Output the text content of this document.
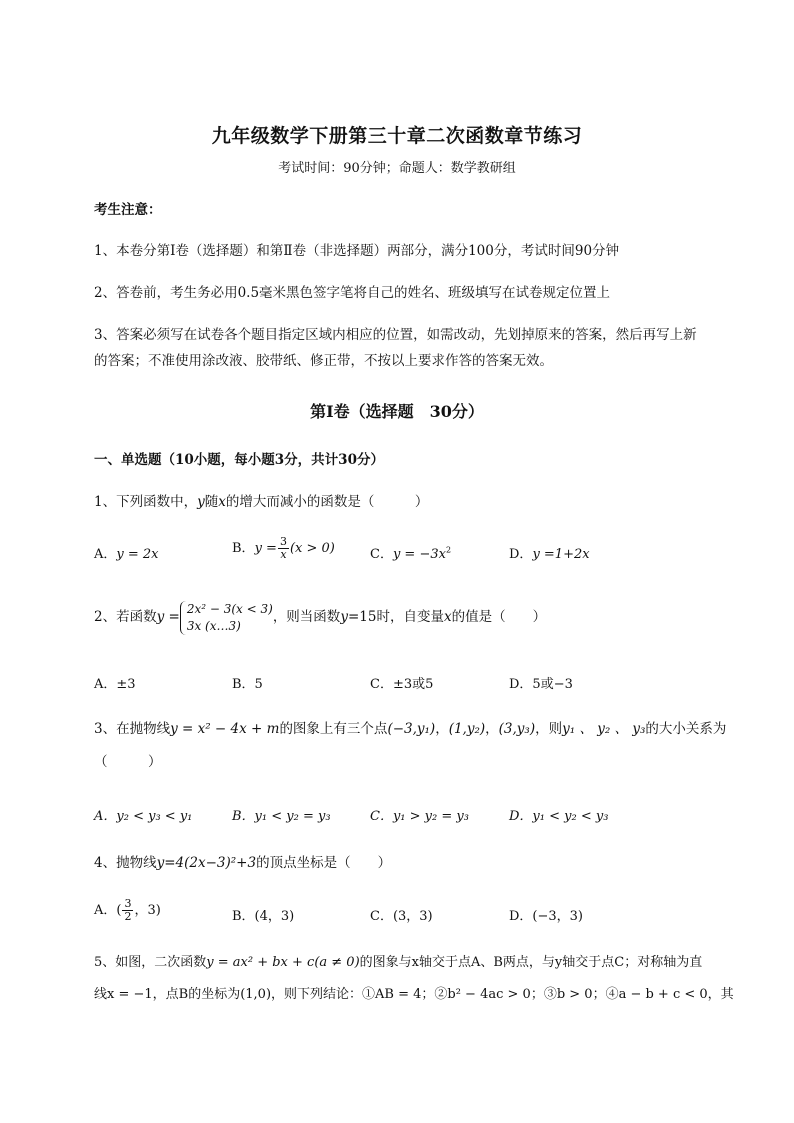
九年级数学下册第三十章二次函数章节练习
考试时间：90分钟；命题人：数学教研组
考生注意：
1、本卷分第I卷（选择题）和第Ⅱ卷（非选择题）两部分，满分100分，考试时间90分钟
2、答卷前，考生务必用0.5毫米黑色签字笔将自己的姓名、班级填写在试卷规定位置上
3、答案必须写在试卷各个题目指定区域内相应的位置，如需改动，先划掉原来的答案，然后再写上新
的答案；不准使用涂改液、胶带纸、修正带，不按以上要求作答的答案无效。
第I卷（选择题　30分）
一、单选题（10小题，每小题3分，共计30分）
1、下列函数中，y随x的增大而减小的函数是（　　　）
A．y = 2x	B．$y = \frac{3}{x} (x > 0)$	C．$y = -3x^2$	D．y =1+2x
2、若函数y =
2x² − 3(x < 3)
3x (x…3)
，则当函数y=15时，自变量x的值是（　　）
A．±3	B．5	C．±3或5	D．5或−3
3、在抛物线y = x² − 4x + m的图象上有三个点(−3,y₁)，(1,y₂)，(3,y₃)，则y₁ 、 y₂ 、 y₃的大小关系为
（　　　）
A．y₂ < y₃ < y₁	B．y₁ < y₂ = y₃	C．y₁ > y₂ = y₃	D．y₁ < y₂ < y₃
4、抛物线y=4(2x−3)²+3的顶点坐标是（　　）
A．( $\frac{3}{2}$ ，3)	B．(4，3)	C．(3，3)	D．(−3，3)
5、如图，二次函数y = ax² + bx + c(a ≠ 0)的图象与x轴交于点A、B两点，与y轴交于点C；对称轴为直
线x = −1，点B的坐标为(1,0)，则下列结论：①AB = 4；②b² − 4ac > 0；③b > 0；④a − b + c < 0，其
